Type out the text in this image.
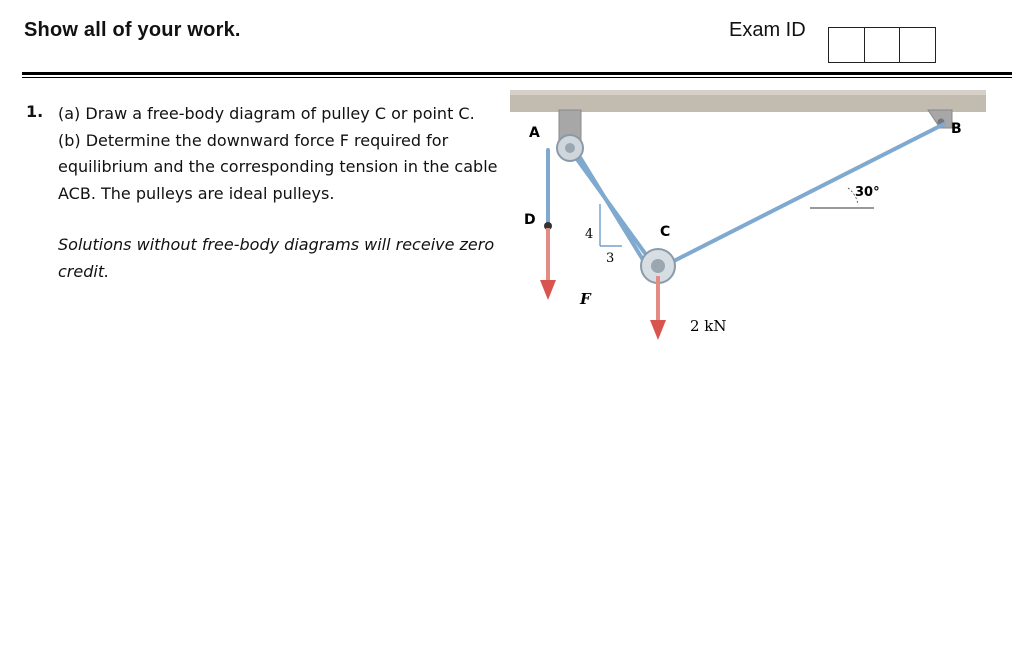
Show all of your work.	Exam ID
1. (a) Draw a free-body diagram of pulley C or point C.

(b) Determine the downward force F required for equilibrium and the corresponding tension in the cable ACB. The pulleys are ideal pulleys.

Solutions without free-body diagrams will receive zero credit.
A	B
C
D
4
3
30°
F
2 kN
